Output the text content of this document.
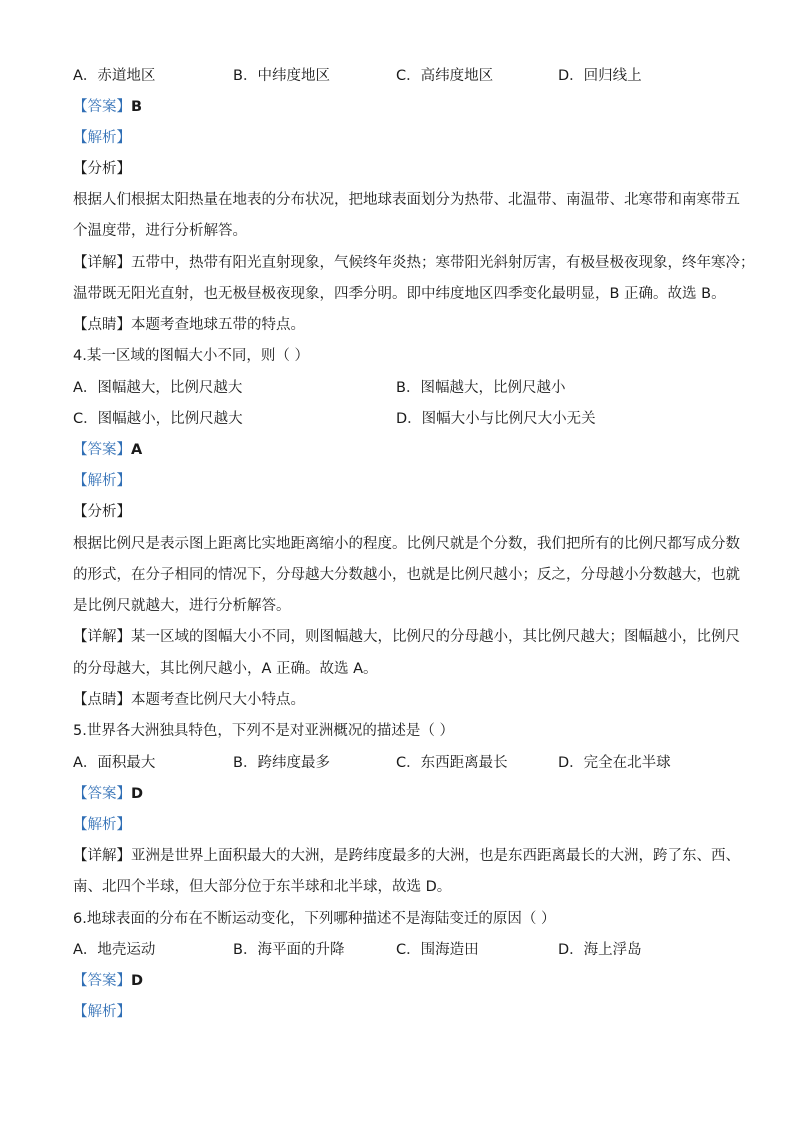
A．赤道地区	B．中纬度地区	C．高纬度地区	D．回归线上
【答案】B
【解析】
【分析】
根据人们根据太阳热量在地表的分布状况，把地球表面划分为热带、北温带、南温带、北寒带和南寒带五
个温度带，进行分析解答。
【详解】五带中，热带有阳光直射现象，气候终年炎热；寒带阳光斜射厉害，有极昼极夜现象，终年寒冷；
温带既无阳光直射，也无极昼极夜现象，四季分明。即中纬度地区四季变化最明显，B 正确。故选 B。
【点睛】本题考查地球五带的特点。
4.某一区域的图幅大小不同，则（ ）
A．图幅越大，比例尺越大	B．图幅越大，比例尺越小
C．图幅越小，比例尺越大	D．图幅大小与比例尺大小无关
【答案】A
【解析】
【分析】
根据比例尺是表示图上距离比实地距离缩小的程度。比例尺就是个分数，我们把所有的比例尺都写成分数
的形式，在分子相同的情况下，分母越大分数越小，也就是比例尺越小；反之，分母越小分数越大，也就
是比例尺就越大，进行分析解答。
【详解】某一区域的图幅大小不同，则图幅越大，比例尺的分母越小，其比例尺越大；图幅越小，比例尺
的分母越大，其比例尺越小，A 正确。故选 A。
【点睛】本题考查比例尺大小特点。
5.世界各大洲独具特色，下列不是对亚洲概况的描述是（ ）
A．面积最大	B．跨纬度最多	C．东西距离最长	D．完全在北半球
【答案】D
【解析】
【详解】亚洲是世界上面积最大的大洲，是跨纬度最多的大洲，也是东西距离最长的大洲，跨了东、西、
南、北四个半球，但大部分位于东半球和北半球，故选 D。
6.地球表面的分布在不断运动变化，下列哪种描述不是海陆变迁的原因（ ）
A．地壳运动	B．海平面的升降	C．围海造田	D．海上浮岛
【答案】D
【解析】
